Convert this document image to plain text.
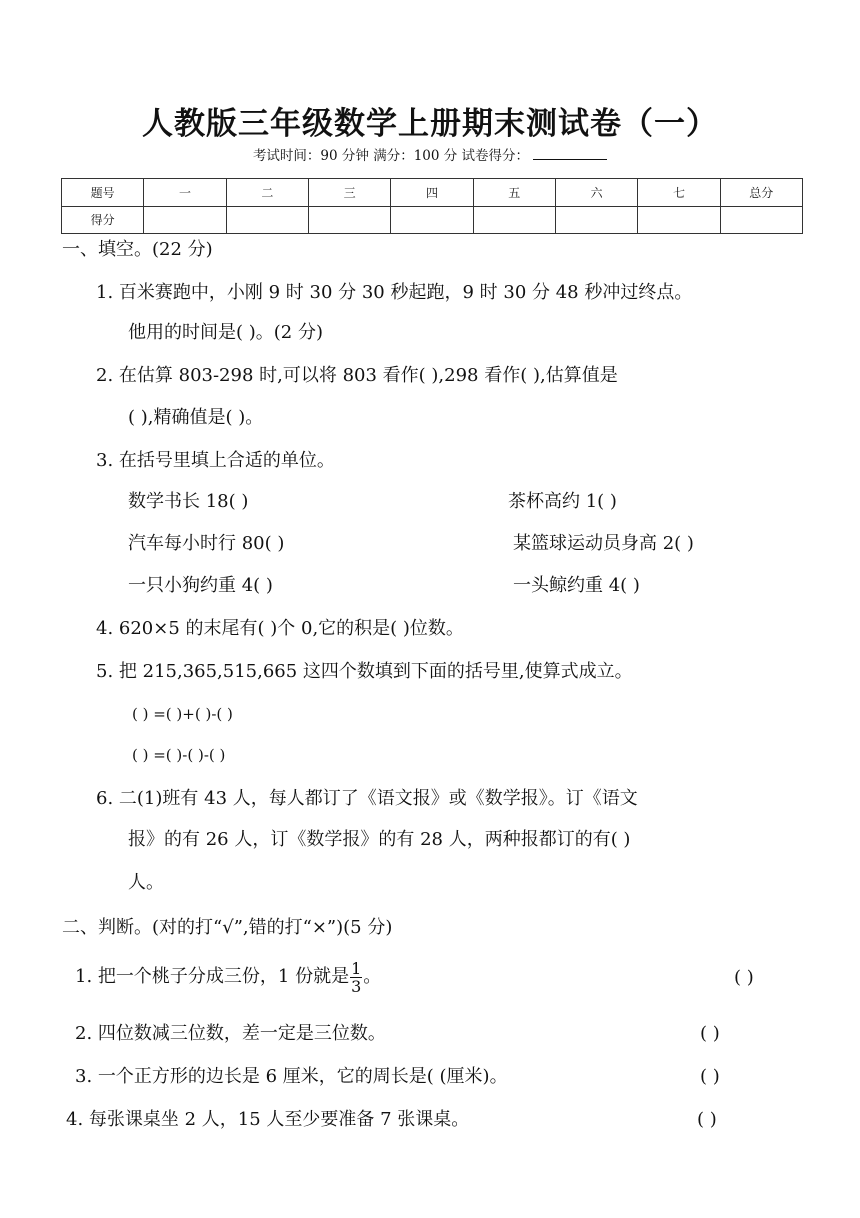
人教版三年级数学上册期末测试卷（一）
考试时间：90 分钟 满分：100 分 试卷得分：
题号	一	二	三	四	五	六	七	总分
得分								
一、填空。(22 分)
1. 百米赛跑中，小刚 9 时 30 分 30 秒起跑，9 时 30 分 48 秒冲过终点。
他用的时间是( )。(2 分)
2. 在估算 803-298 时,可以将 803 看作( ),298 看作( ),估算值是
( ),精确值是( )。
3. 在括号里填上合适的单位。
数学书长 18( )	茶杯高约 1( )
汽车每小时行 80( )	某篮球运动员身高 2( )
一只小狗约重 4( )	一头鲸约重 4( )
4. 620×5 的末尾有( )个 0,它的积是( )位数。
5. 把 215,365,515,665 这四个数填到下面的括号里,使算式成立。
( ) =( )+( )-( )
( ) =( )-( )-( )
6. 二(1)班有 43 人，每人都订了《语文报》或《数学报》。订《语文
报》的有 26 人，订《数学报》的有 28 人，两种报都订的有( )
人。
二、判断。(对的打“√”,错的打“×”)(5 分)
1. 把一个桃子分成三份，1 份就是 $\frac{1}{3}$ 。	( )
2. 四位数减三位数，差一定是三位数。	( )
3. 一个正方形的边长是 6 厘米，它的周长是( (厘米)。	( )
4. 每张课桌坐 2 人，15 人至少要准备 7 张课桌。	( )
